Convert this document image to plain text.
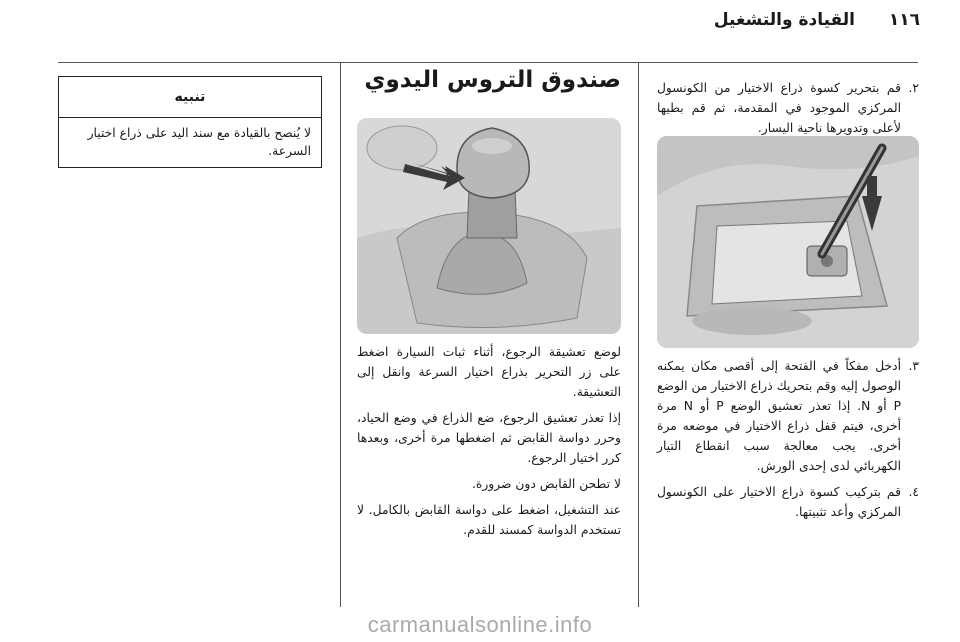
١١٦
القيادة والتشغيل

٢.
قم بتحرير كسوة ذراع الاختيار من الكونسول المركزي الموجود في المقدمة، ثم قم بطيها لأعلى وتدويرها ناحية اليسار.

٣.
أدخل مفكاً في الفتحة إلى أقصى مكان يمكنه الوصول إليه وقم بتحريك ذراع الاختيار من الوضع P أو N. إذا تعذر تعشيق الوضع P أو N مرة أخرى، فيتم قفل ذراع الاختيار في موضعه مرة أخرى. يجب معالجة سبب انقطاع التيار الكهربائي لدى إحدى الورش.

٤.
قم بتركيب كسوة ذراع الاختيار على الكونسول المركزي وأعد تثبيتها.

صندوق التروس اليدوي

لوضع تعشيقة الرجوع، أثناء ثبات السيارة اضغط على زر التحرير بذراع اختيار السرعة وانقل إلى التعشيقة.

إذا تعذر تعشيق الرجوع، ضع الذراع في وضع الحياد، وحرر دواسة القابض ثم اضغطها مرة أخرى، وبعدها كرر اختيار الرجوع.

لا تطحن القابض دون ضرورة.

عند التشغيل، اضغط على دواسة القابض بالكامل. لا تستخدم الدواسة كمسند للقدم.

تنبيه
لا يُنصح بالقيادة مع سند اليد على ذراع اختيار السرعة.
carmanualsonline.info
